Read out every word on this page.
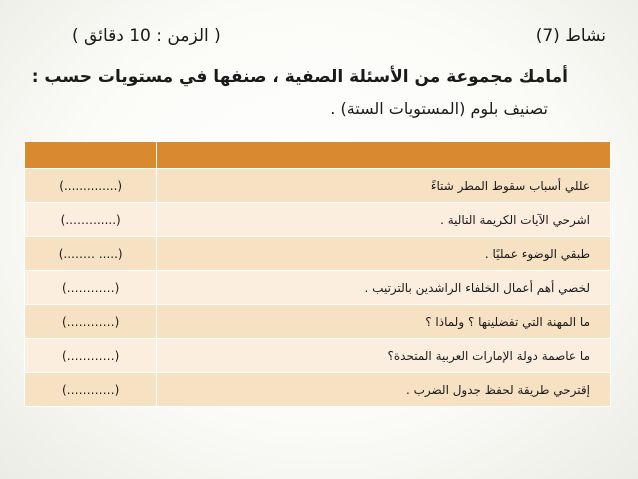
نشاط (7)
( الزمن : 10 دقائق )
أمامك مجموعة من الأسئلة الصفية ، صنفها في مستويات حسب :
تصنيف بلوم (المستويات الستة) .

عللي أسباب سقوط المطر شتاءً	(..............)
اشرحي الآيات الكريمة التالية .	(.....……..)
طبقي الوضوء عمليًا .	(..... ……..)
لخصي أهم أعمال الخلفاء الراشدين بالترتيب .	(…………)
ما المهنة التي تفضلينها ؟ ولماذا ؟	(…………)
ما عاصمة دولة الإمارات العربية المتحدة؟	(…………)
إقترحي طريقة لحفظ جدول الضرب .	(…………)
